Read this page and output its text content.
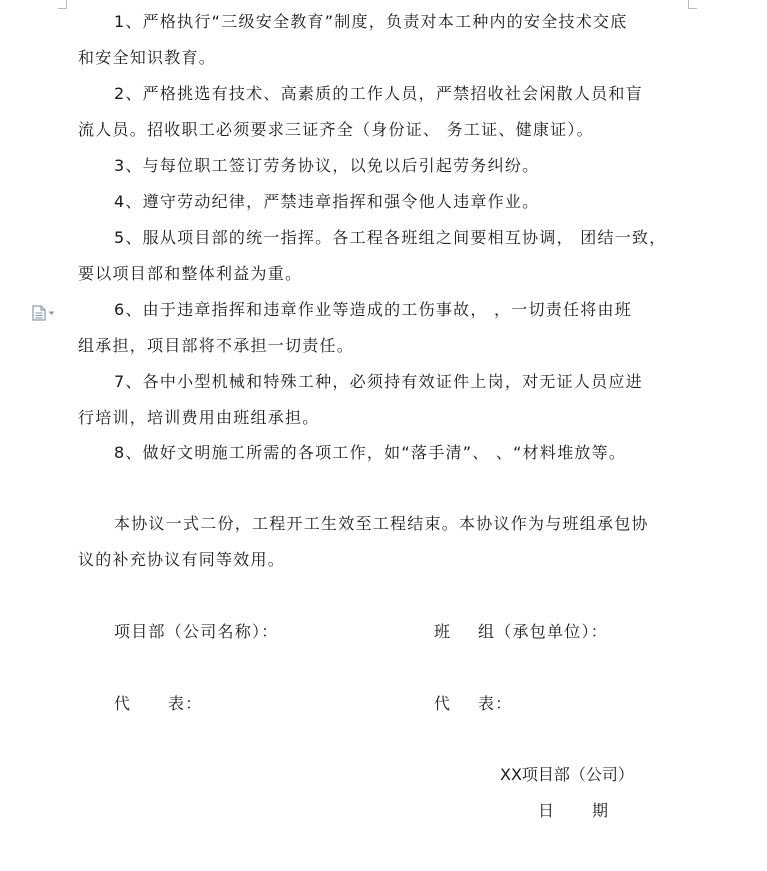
1、严格执行“三级安全教育”制度，负责对本工种内的安全技术交底
和安全知识教育。
2、严格挑选有技术、高素质的工作人员，严禁招收社会闲散人员和盲
流人员。招收职工必须要求三证齐全（身份证、 务工证、健康证）。
3、与每位职工签订劳务协议，以免以后引起劳务纠纷。
4、遵守劳动纪律，严禁违章指挥和强令他人违章作业。
5、服从项目部的统一指挥。各工程各班组之间要相互协调， 团结一致，
要以项目部和整体利益为重。
6、由于违章指挥和违章作业等造成的工伤事故， ，一切责任将由班
组承担，项目部将不承担一切责任。
7、各中小型机械和特殊工种，必须持有效证件上岗，对无证人员应进
行培训，培训费用由班组承担。
8、做好文明施工所需的各项工作，如“落手清”、 、“材料堆放等。
本协议一式二份，工程开工生效至工程结束。本协议作为与班组承包协
议的补充协议有同等效用。
项目部（公司名称）：	班 组（承包单位）：
代 表：	代 表：
XX项目部（公司）
日 期
